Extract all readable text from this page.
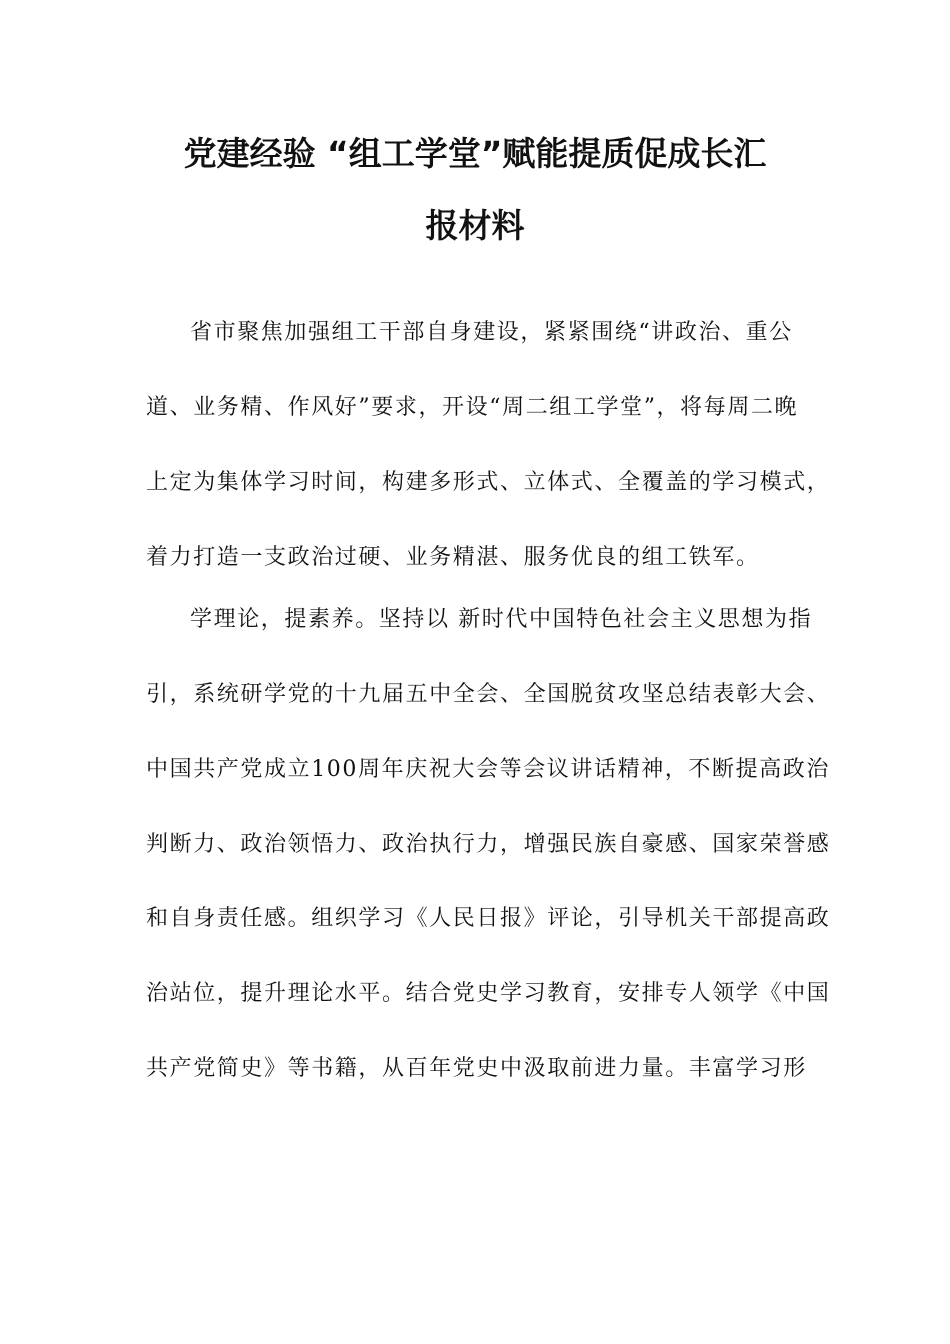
党建经验 “组工学堂”赋能提质促成长汇
报材料

省市聚焦加强组工干部自身建设，紧紧围绕“讲政治、重公

道、业务精、作风好”要求，开设“周二组工学堂”，将每周二晚

上定为集体学习时间，构建多形式、立体式、全覆盖的学习模式，

着力打造一支政治过硬、业务精湛、服务优良的组工铁军。

学理论，提素养。坚持以 新时代中国特色社会主义思想为指

引，系统研学党的十九届五中全会、全国脱贫攻坚总结表彰大会、

中国共产党成立100周年庆祝大会等会议讲话精神，不断提高政治

判断力、政治领悟力、政治执行力，增强民族自豪感、国家荣誉感

和自身责任感。组织学习《人民日报》评论，引导机关干部提高政

治站位，提升理论水平。结合党史学习教育，安排专人领学《中国

共产党简史》等书籍，从百年党史中汲取前进力量。丰富学习形
